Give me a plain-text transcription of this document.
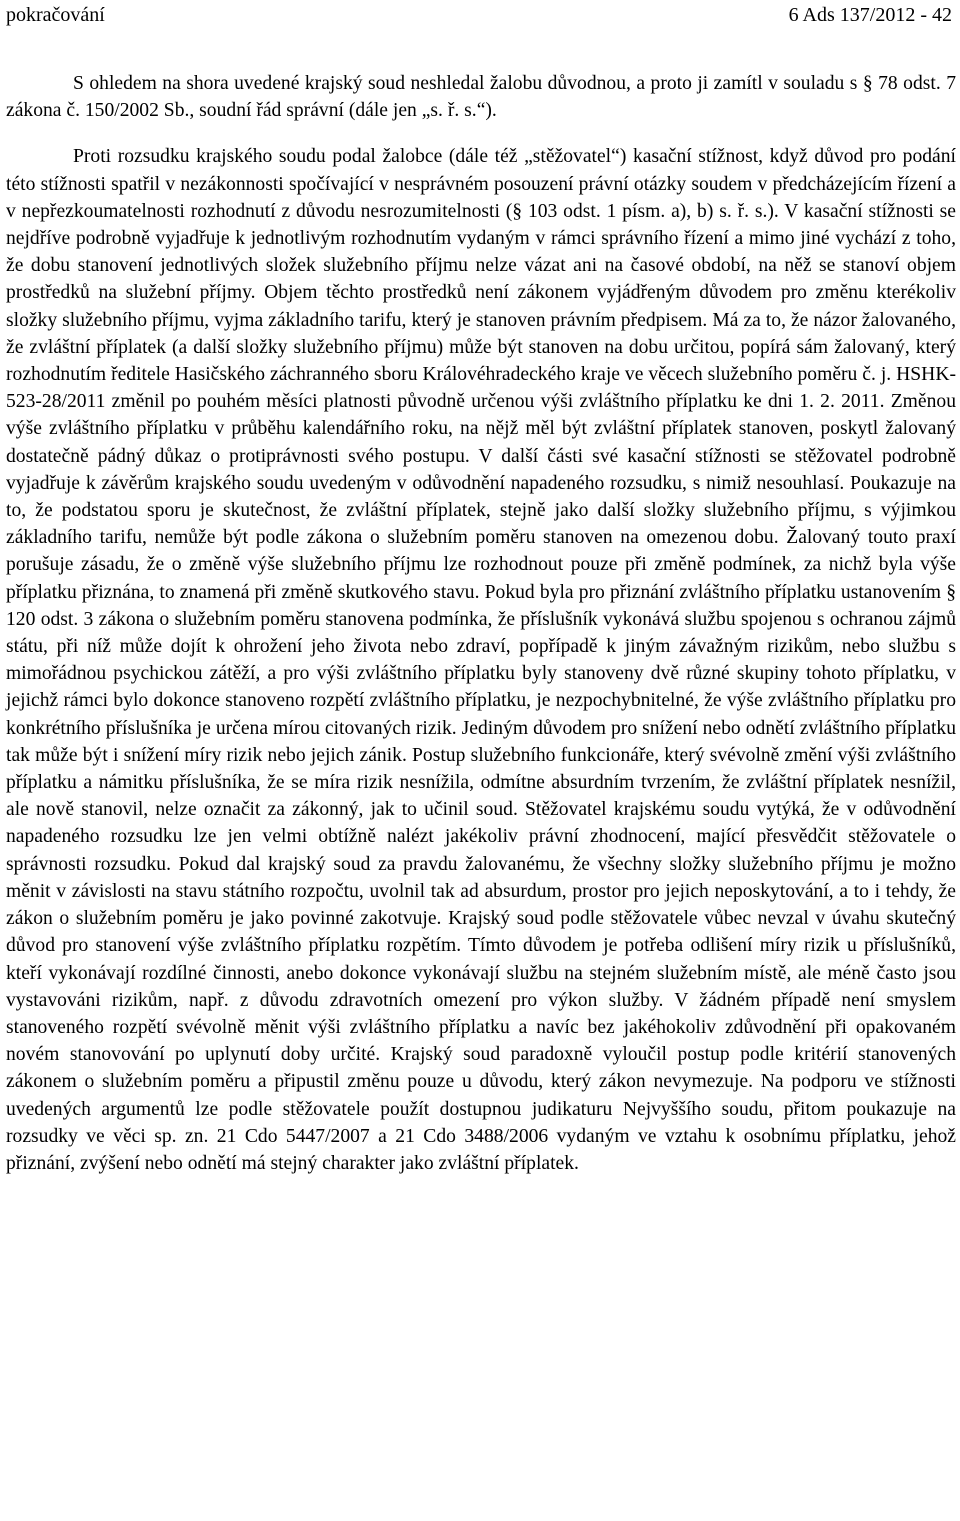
pokračování	6 Ads 137/2012 - 42

S ohledem na shora uvedené krajský soud neshledal žalobu důvodnou, a proto ji zamítl v souladu s § 78 odst. 7 zákona č. 150/2002 Sb., soudní řád správní (dále jen „s. ř. s.“).

Proti rozsudku krajského soudu podal žalobce (dále též „stěžovatel“) kasační stížnost, když důvod pro podání této stížnosti spatřil v nezákonnosti spočívající v nesprávném posouzení právní otázky soudem v předcházejícím řízení a v nepřezkoumatelnosti rozhodnutí z důvodu nesrozumitelnosti (§ 103 odst. 1 písm. a), b) s. ř. s.). V kasační stížnosti se nejdříve podrobně vyjadřuje k jednotlivým rozhodnutím vydaným v rámci správního řízení a mimo jiné vychází z toho, že dobu stanovení jednotlivých složek služebního příjmu nelze vázat ani na časové období, na něž se stanoví objem prostředků na služební příjmy. Objem těchto prostředků není zákonem vyjádřeným důvodem pro změnu kterékoliv složky služebního příjmu, vyjma základního tarifu, který je stanoven právním předpisem. Má za to, že názor žalovaného, že zvláštní příplatek (a další složky služebního příjmu) může být stanoven na dobu určitou, popírá sám žalovaný, který rozhodnutím ředitele Hasičského záchranného sboru Královéhradeckého kraje ve věcech služebního poměru č. j. HSHK-523-28/2011 změnil po pouhém měsíci platnosti původně určenou výši zvláštního příplatku ke dni 1. 2. 2011. Změnou výše zvláštního příplatku v průběhu kalendářního roku, na nějž měl být zvláštní příplatek stanoven, poskytl žalovaný dostatečně pádný důkaz o protiprávnosti svého postupu. V další části své kasační stížnosti se stěžovatel podrobně vyjadřuje k závěrům krajského soudu uvedeným v odůvodnění napadeného rozsudku, s nimiž nesouhlasí. Poukazuje na to, že podstatou sporu je skutečnost, že zvláštní příplatek, stejně jako další složky služebního příjmu, s výjimkou základního tarifu, nemůže být podle zákona o služebním poměru stanoven na omezenou dobu. Žalovaný touto praxí porušuje zásadu, že o změně výše služebního příjmu lze rozhodnout pouze při změně podmínek, za nichž byla výše příplatku přiznána, to znamená při změně skutkového stavu. Pokud byla pro přiznání zvláštního příplatku ustanovením § 120 odst. 3 zákona o služebním poměru stanovena podmínka, že příslušník vykonává službu spojenou s ochranou zájmů státu, při níž může dojít k ohrožení jeho života nebo zdraví, popřípadě k jiným závažným rizikům, nebo službu s mimořádnou psychickou zátěží, a pro výši zvláštního příplatku byly stanoveny dvě různé skupiny tohoto příplatku, v jejichž rámci bylo dokonce stanoveno rozpětí zvláštního příplatku, je nezpochybnitelné, že výše zvláštního příplatku pro konkrétního příslušníka je určena mírou citovaných rizik. Jediným důvodem pro snížení nebo odnětí zvláštního příplatku tak může být i snížení míry rizik nebo jejich zánik. Postup služebního funkcionáře, který svévolně změní výši zvláštního příplatku a námitku příslušníka, že se míra rizik nesnížila, odmítne absurdním tvrzením, že zvláštní příplatek nesnížil, ale nově stanovil, nelze označit za zákonný, jak to učinil soud. Stěžovatel krajskému soudu vytýká, že v odůvodnění napadeného rozsudku lze jen velmi obtížně nalézt jakékoliv právní zhodnocení, mající přesvědčit stěžovatele o správnosti rozsudku. Pokud dal krajský soud za pravdu žalovanému, že všechny složky služebního příjmu je možno měnit v závislosti na stavu státního rozpočtu, uvolnil tak ad absurdum, prostor pro jejich neposkytování, a to i tehdy, že zákon o služebním poměru je jako povinné zakotvuje. Krajský soud podle stěžovatele vůbec nevzal v úvahu skutečný důvod pro stanovení výše zvláštního příplatku rozpětím. Tímto důvodem je potřeba odlišení míry rizik u příslušníků, kteří vykonávají rozdílné činnosti, anebo dokonce vykonávají službu na stejném služebním místě, ale méně často jsou vystavováni rizikům, např. z důvodu zdravotních omezení pro výkon služby. V žádném případě není smyslem stanoveného rozpětí svévolně měnit výši zvláštního příplatku a navíc bez jakéhokoliv zdůvodnění při opakovaném novém stanovování po uplynutí doby určité. Krajský soud paradoxně vyloučil postup podle kritérií stanovených zákonem o služebním poměru a připustil změnu pouze u důvodu, který zákon nevymezuje. Na podporu ve stížnosti uvedených argumentů lze podle stěžovatele použít dostupnou judikaturu Nejvyššího soudu, přitom poukazuje na rozsudky ve věci sp. zn. 21 Cdo 5447/2007 a 21 Cdo 3488/2006 vydaným ve vztahu k osobnímu příplatku, jehož přiznání, zvýšení nebo odnětí má stejný charakter jako zvláštní příplatek.
